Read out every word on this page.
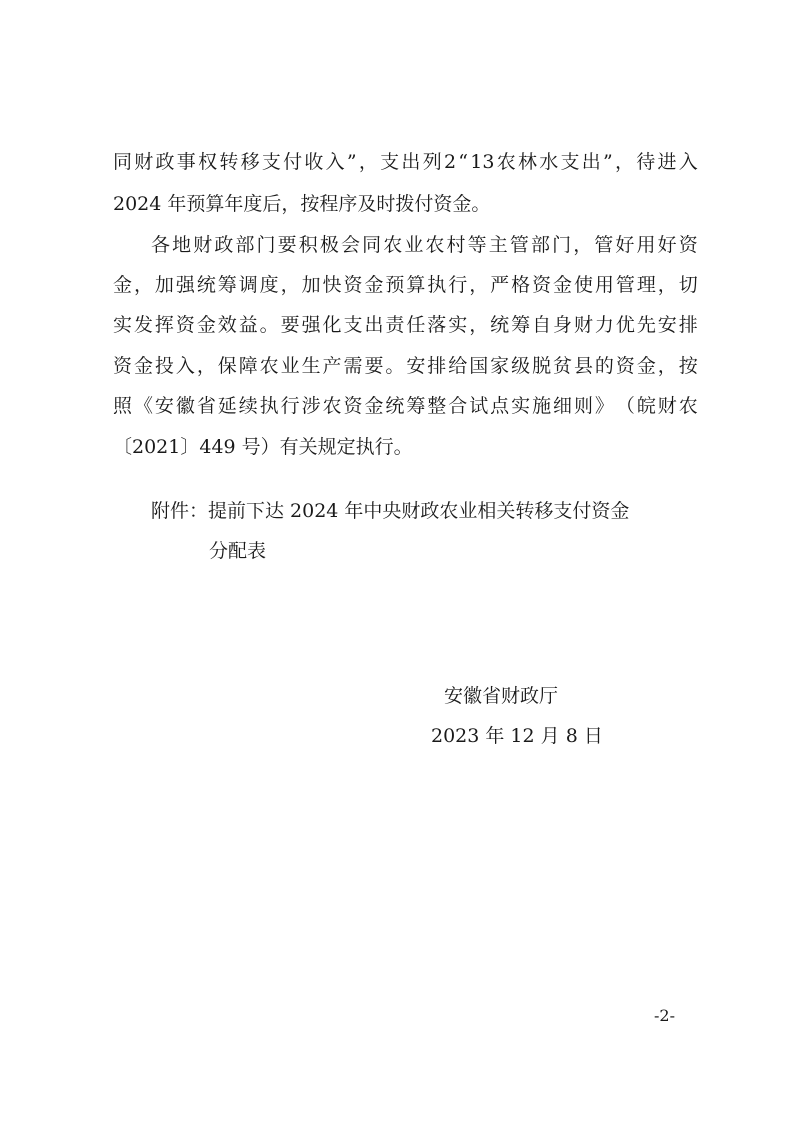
同 财 政 事 权 转 移 支 付 收 入 ” ， 支 出 列 2 “ 13 农 林 水 支 出 ” ， 待 进 入
2024 年预算年度后，按程序及时拨付资金。
各 地 财 政 部 门 要 积 极 会 同 农 业 农 村 等 主 管 部 门 ， 管 好 用 好 资
金 ， 加 强 统 筹 调 度 ， 加 快 资 金 预 算 执 行 ， 严 格 资 金 使 用 管 理 ， 切
实 发 挥 资 金 效 益 。 要 强 化 支 出 责 任 落 实 ， 统 筹 自 身 财 力 优 先 安 排
资 金 投 入 ， 保 障 农 业 生 产 需 要 。 安 排 给 国 家 级 脱 贫 县 的 资 金 ， 按
照 《 安 徽 省 延 续 执 行 涉 农 资 金 统 筹 整 合 试 点 实 施 细 则 》 （ 皖 财 农
〔2021〕449 号）有关规定执行。
附件：提前下达 2024 年中央财政农业相关转移支付资金
分配表
安徽省财政厅
2023 年 12 月 8 日
-2-
